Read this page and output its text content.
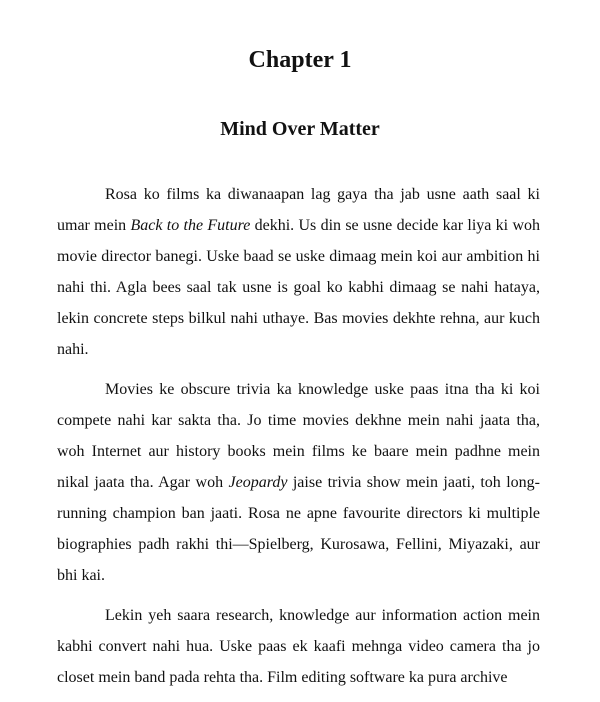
Chapter 1
Mind Over Matter

Rosa ko films ka diwanaapan lag gaya tha jab usne aath saal ki umar mein Back to the Future dekhi. Us din se usne decide kar liya ki woh movie director banegi. Uske baad se uske dimaag mein koi aur ambition hi nahi thi. Agla bees saal tak usne is goal ko kabhi dimaag se nahi hataya, lekin concrete steps bilkul nahi uthaye. Bas movies dekhte rehna, aur kuch nahi.

Movies ke obscure trivia ka knowledge uske paas itna tha ki koi compete nahi kar sakta tha. Jo time movies dekhne mein nahi jaata tha, woh Internet aur history books mein films ke baare mein padhne mein nikal jaata tha. Agar woh Jeopardy jaise trivia show mein jaati, toh long-running champion ban jaati. Rosa ne apne favourite directors ki multiple biographies padh rakhi thi—Spielberg, Kurosawa, Fellini, Miyazaki, aur bhi kai.

Lekin yeh saara research, knowledge aur information action mein kabhi convert nahi hua. Uske paas ek kaafi mehnga video camera tha jo closet mein band pada rehta tha. Film editing software ka pura archive
